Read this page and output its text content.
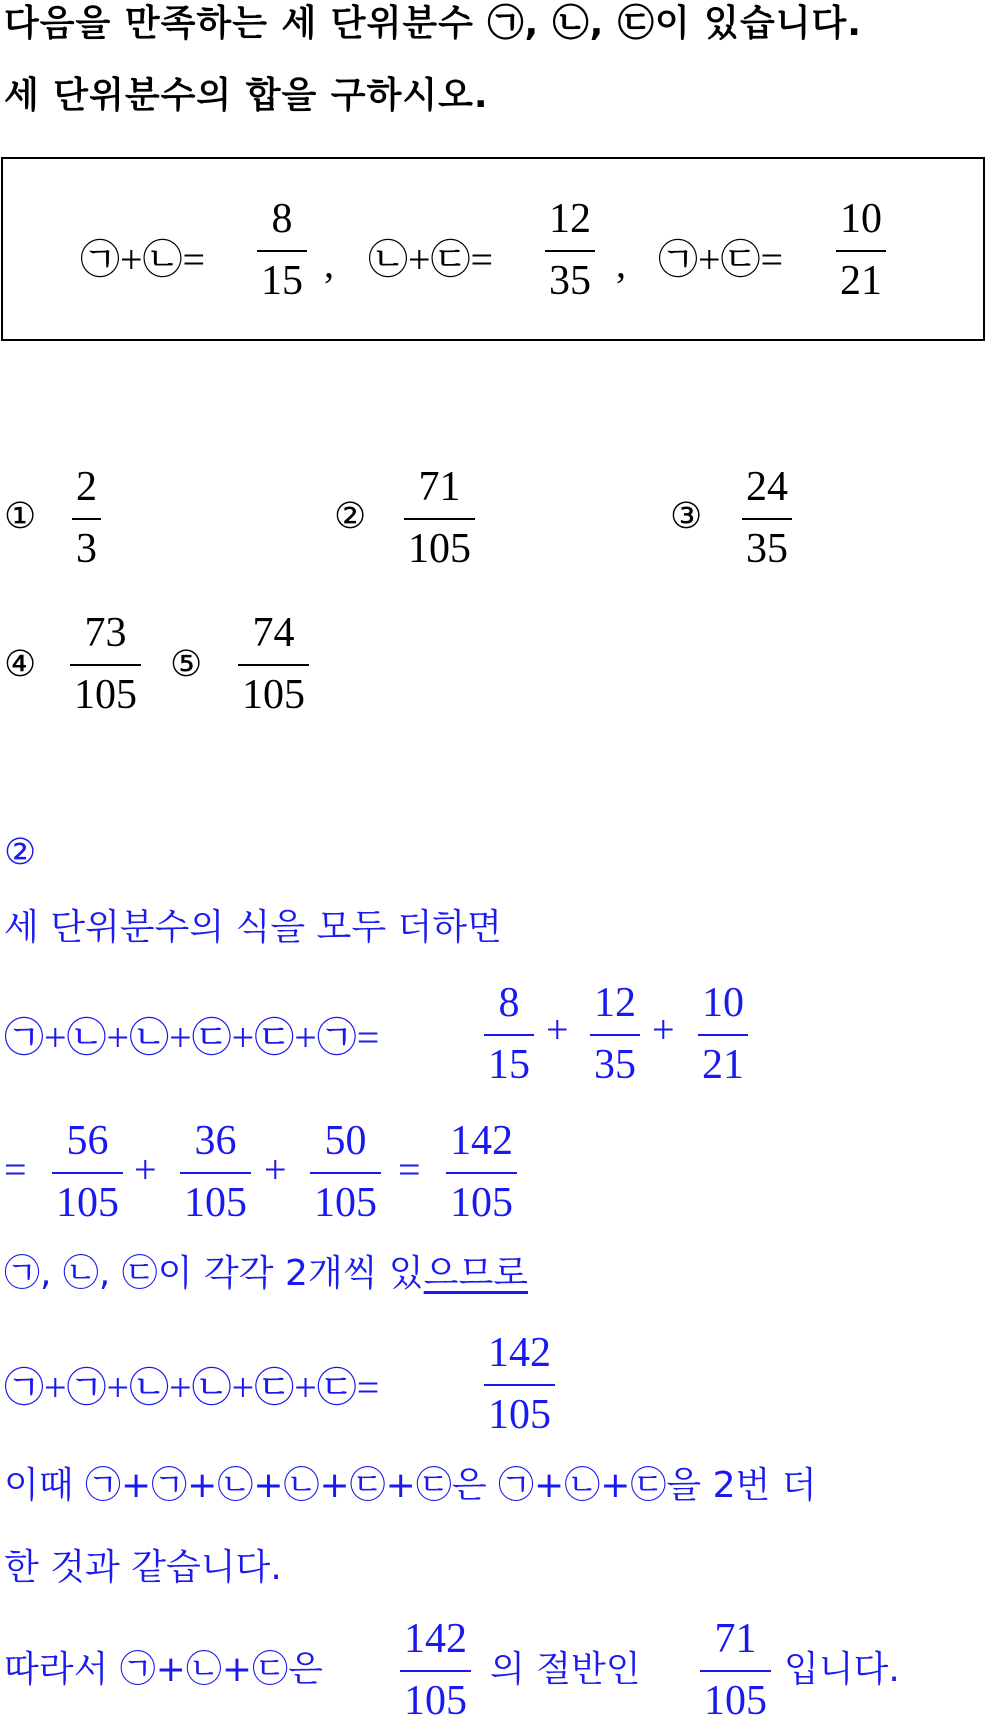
다음을 만족하는 세 단위분수 ㉠, ㉡, ㉢이 있습니다.
세 단위분수의 합을 구하시오.
㉠+㉡=
8
15 , ㉡+㉢=
12
35 , ㉠+㉢=
10
21
①
2
3
②
71
105
③
24
35
④
73
105
⑤
74
105
②
세 단위분수의 식을 모두 더하면
㉠+㉡+㉡+㉢+㉢+㉠=
8
15
+
12
35
+
10
21
=
56
105
+
36
105
+
50
105
=
142
105
㉠, ㉡, ㉢이 각각 2개씩 있으므로
㉠+㉠+㉡+㉡+㉢+㉢=
142
105
이때 ㉠+㉠+㉡+㉡+㉢+㉢은 ㉠+㉡+㉢을 2번 더
한 것과 같습니다.
따라서 ㉠+㉡+㉢은
142
105
의 절반인
71
105
입니다.
